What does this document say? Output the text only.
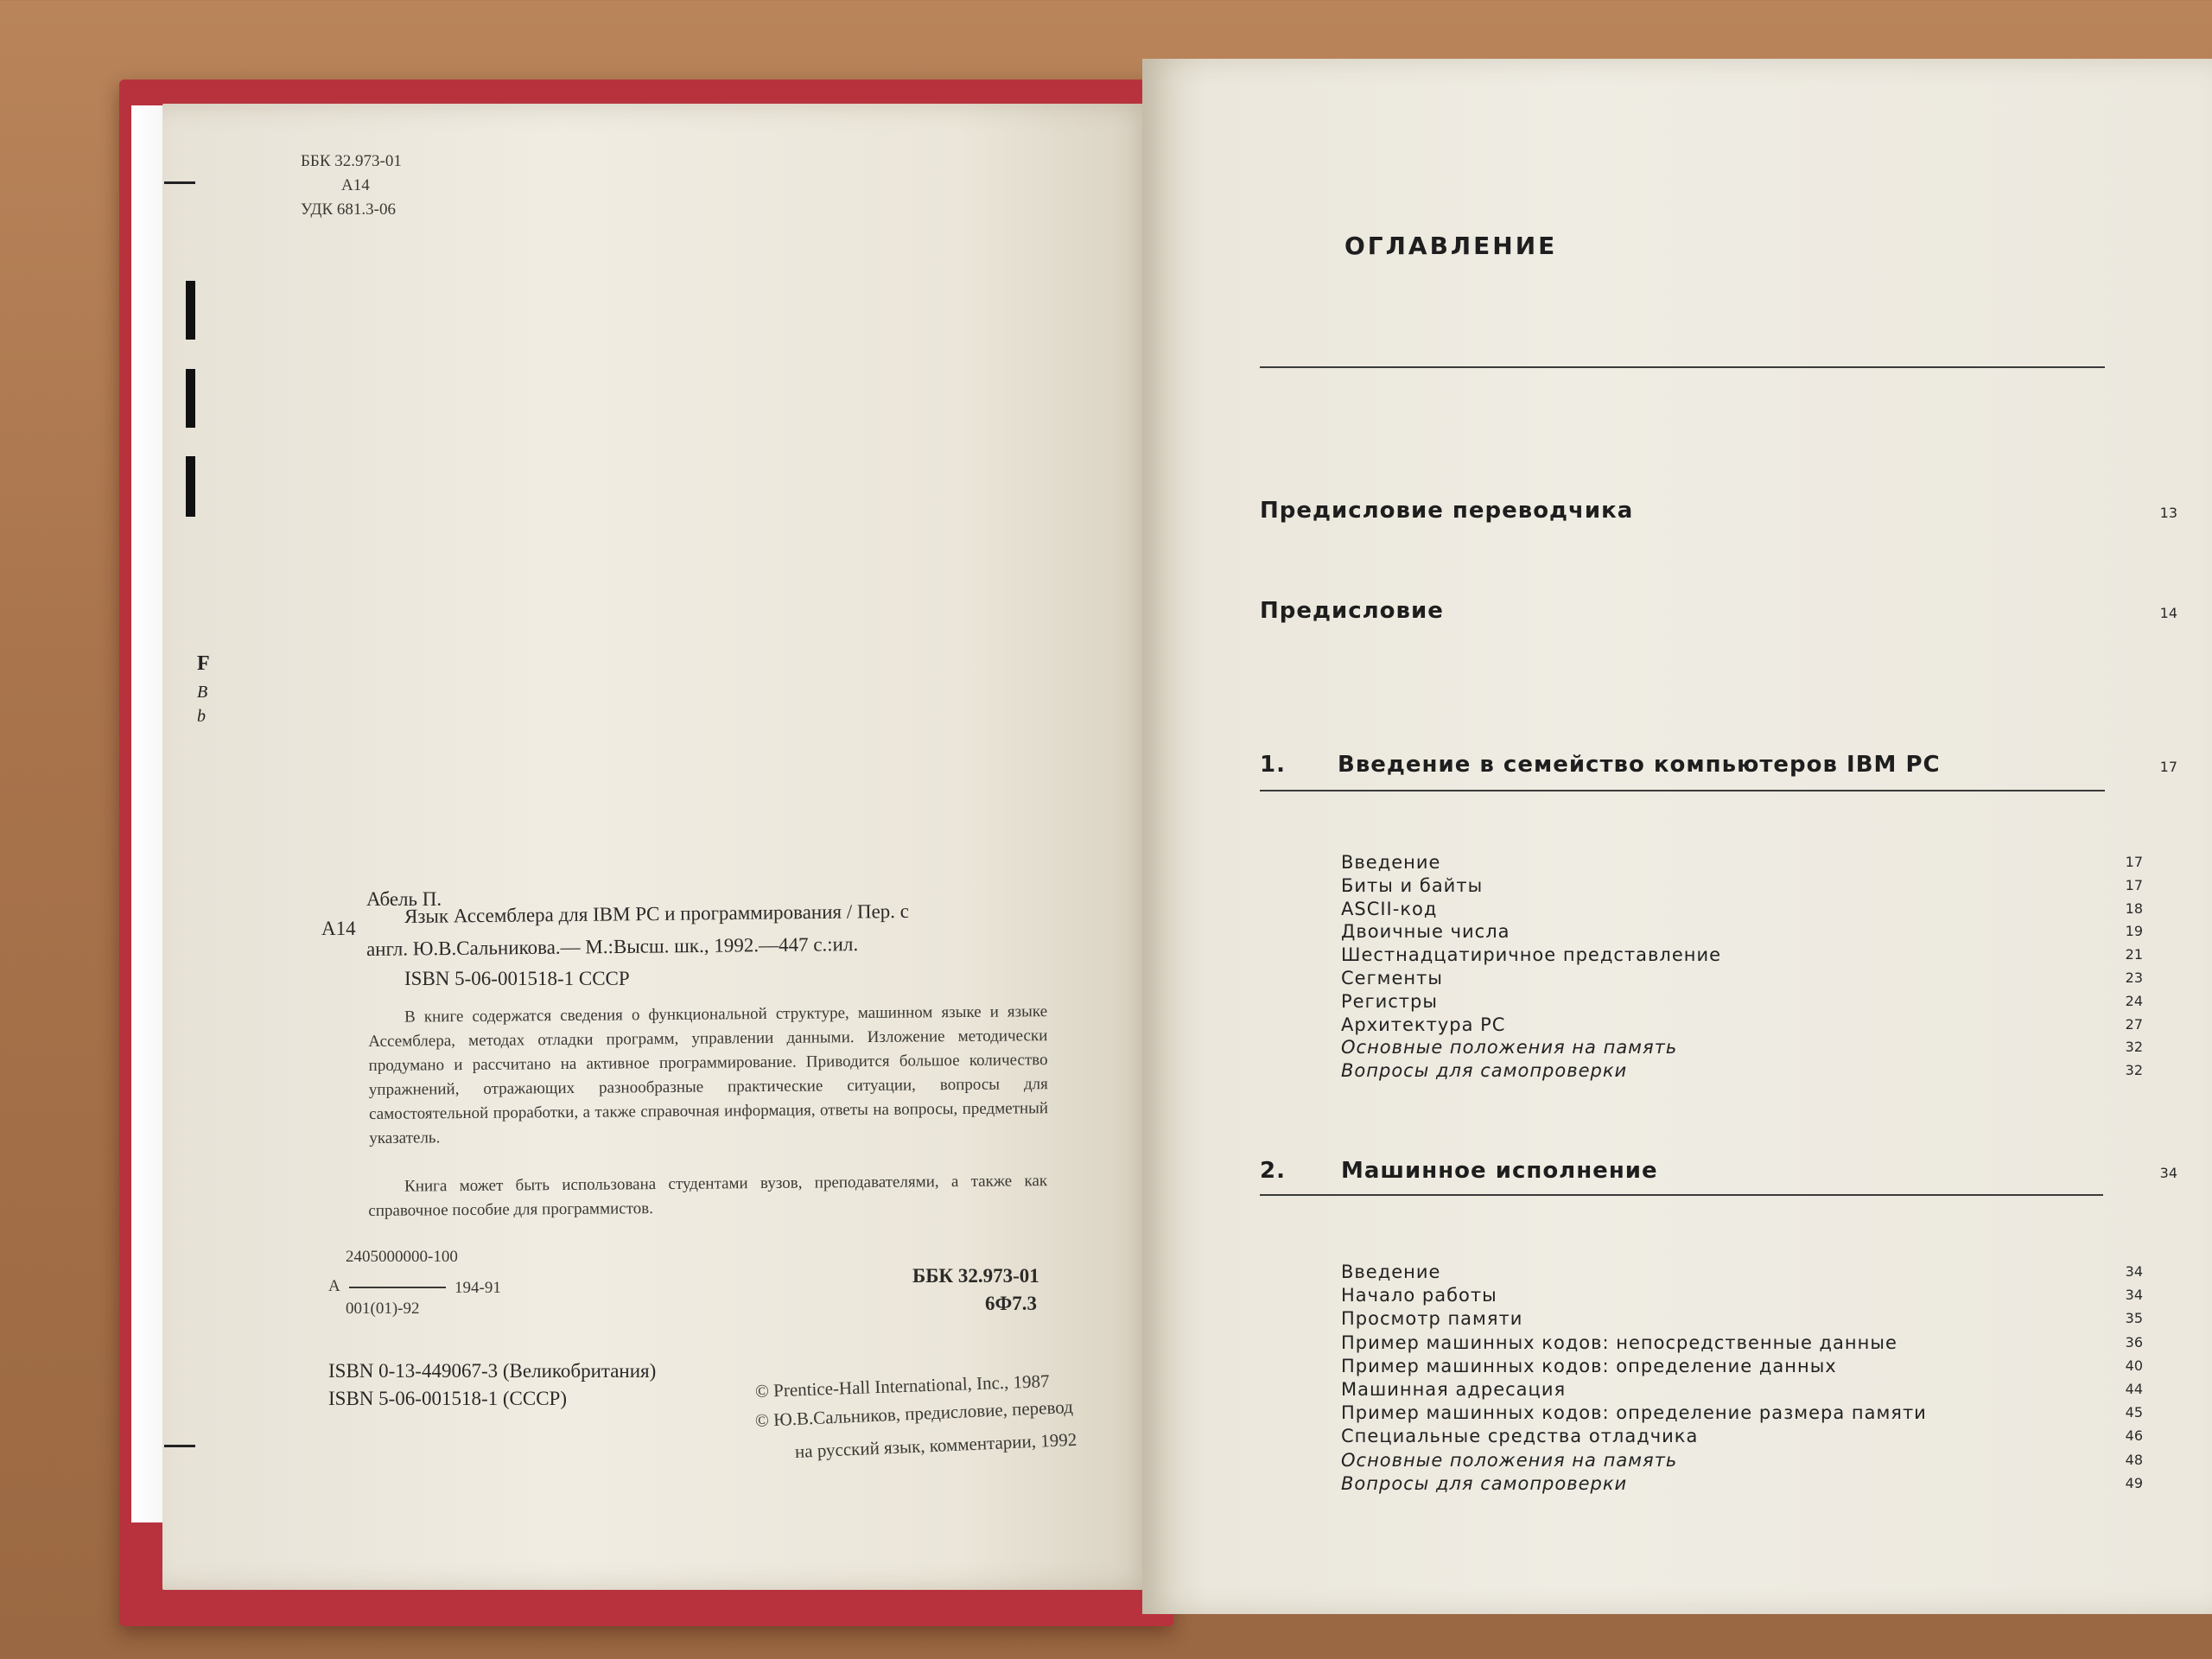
F
B
b
ББК 32.973-01
А14
УДК 681.3-06
Абель П.
А14
Язык Ассемблера для IBM PC и программирования / Пер. с
англ. Ю.В.Сальникова.— М.:Высш. шк., 1992.—447 с.:ил.
ISBN 5-06-001518-1 СССР
В книге содержатся сведения о функциональной структуре, машинном языке и языке Ассемблера, методах отладки программ, управлении данными. Изложение методически продумано и рассчитано на активное программирование. Приводится большое количество упражнений, отражающих разнообразные практические ситуации, вопросы для самостоятельной проработки, а также справочная информация, ответы на вопросы, предметный указатель.
Книга может быть использована студентами вузов, преподавателями, а также как справочное пособие для программистов.
2405000000-100
А	194-91
001(01)-92
ББК 32.973-01
6Ф7.3
ISBN 0-13-449067-3 (Великобритания)
ISBN 5-06-001518-1 (СССР)	© Prentice-Hall International, Inc., 1987
© Ю.В.Сальников, предисловие, перевод
на русский язык, комментарии, 1992
ОГЛАВЛЕНИЕ
Предисловие переводчика	13
Предисловие	14
1. Введение в семейство компьютеров IBM PC	17
Введение	17
Биты и байты	17
ASCII-код	18
Двоичные числа	19
Шестнадцатиричное представление	21
Сегменты	23
Регистры	24
Архитектура PC	27
Основные положения на память	32
Вопросы для самопроверки	32
2. Машинное исполнение	34
Введение	34
Начало работы	34
Просмотр памяти	35
Пример машинных кодов: непосредственные данные	36
Пример машинных кодов: определение данных	40
Машинная адресация	44
Пример машинных кодов: определение размера памяти	45
Специальные средства отладчика	46
Основные положения на память	48
Вопросы для самопроверки	49
